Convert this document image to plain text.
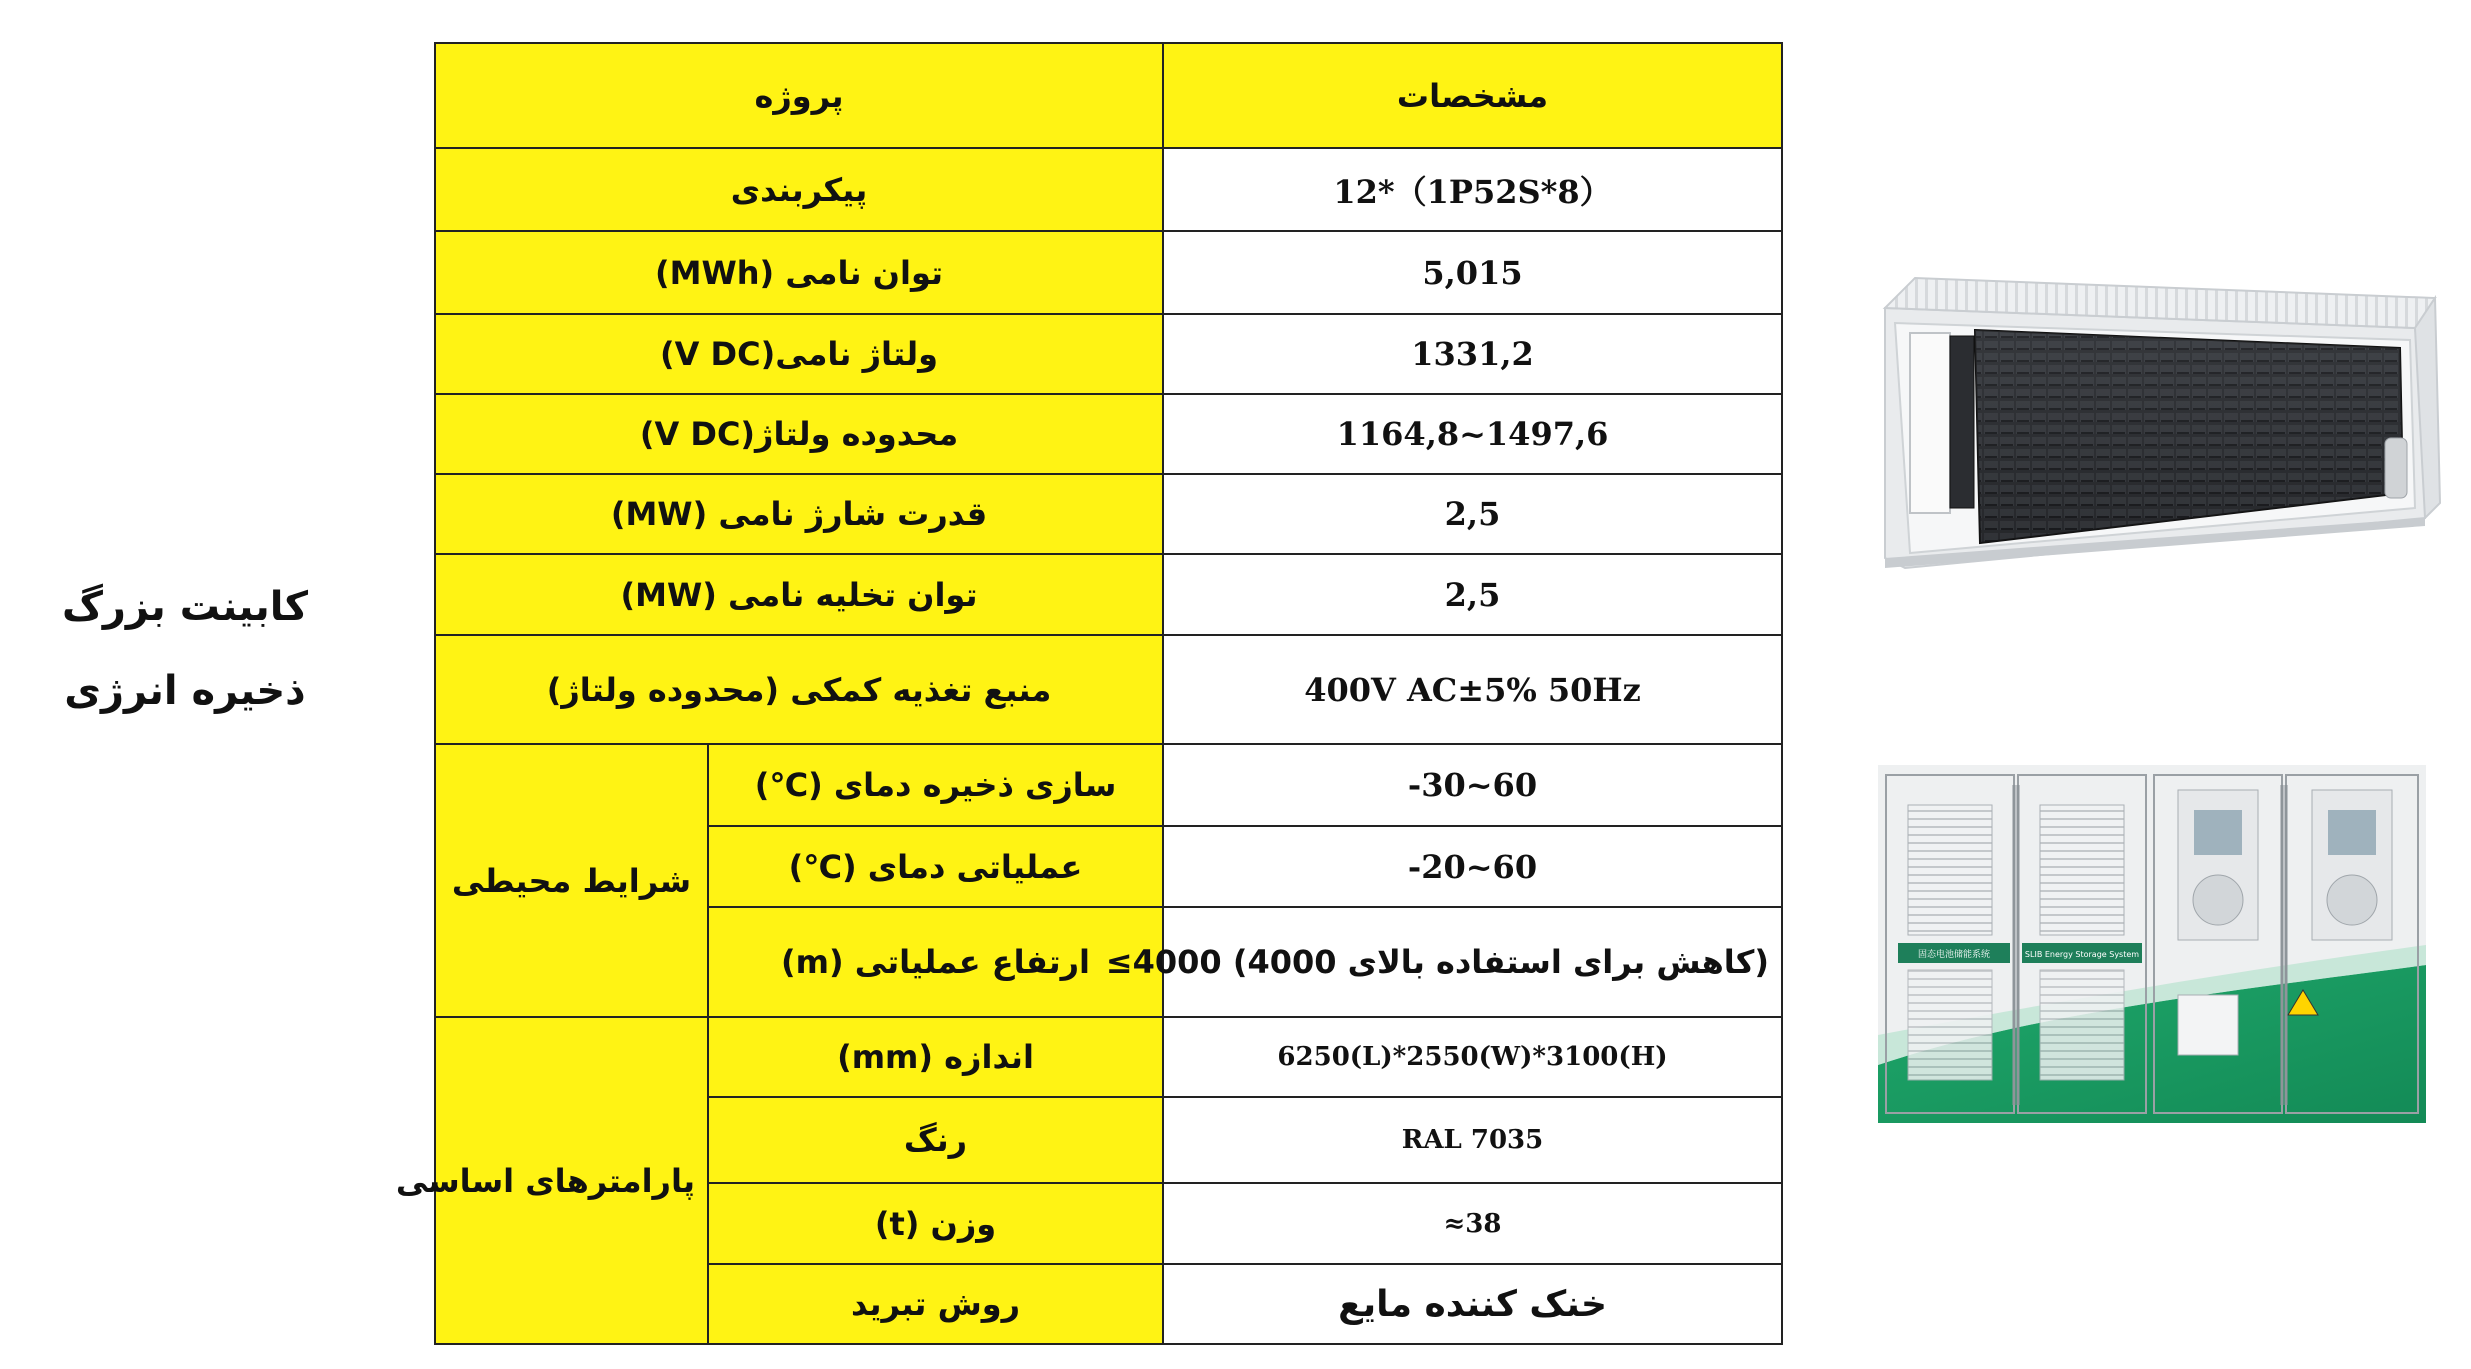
کابینت بزرگ
ذخیره انرژی
پروژه		مشخصات
پیکربندی		12*（1P52S*8）
توان نامی (MWh)		5,015
ولتاژ نامی(V DC)		1331,2
محدوده ولتاژ(V DC)		1164,8~1497,6
قدرت شارژ نامی (MW)		2,5
توان تخلیه نامی (MW)		2,5
منبع تغذیه کمکی (محدوده ولتاژ)		400V AC±5% 50Hz
شرایط محیطی	سازی ذخیره دمای (℃)	-30~60
	عملیاتی دمای (℃)	-20~60
	ارتفاع عملیاتی (m)	(کاهش برای استفاده بالای 4000) 4000≥
پارامترهای اساسی	اندازه (mm)	6250(L)*2550(W)*3100(H)
	رنگ	RAL 7035
	وزن (t)	≈38
	روش تبرید	خنک کننده مایع
固态电池储能系统	SLIB Energy Storage System
